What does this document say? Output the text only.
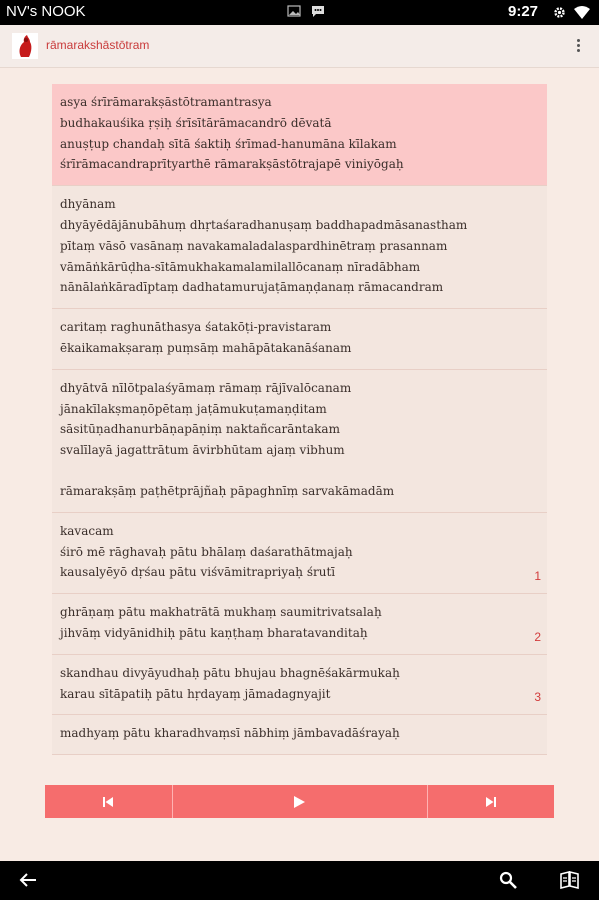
NV's NOOK	9:27
rāmarakshāstōtram
asya śrīrāmarakṣāstōtramantrasya
budhakauśika ṛṣiḥ śrīsītārāmacandrō dēvatā
anuṣṭup chandaḥ sītā śaktiḥ śrīmad-hanumāna kīlakam
śrīrāmacandraprītyarthē rāmarakṣāstōtrajapē viniyōgaḥ
dhyānam
dhyāyēdājānubāhuṃ dhṛtaśaradhanuṣaṃ baddhapadmāsanastham
pītaṃ vāsō vasānaṃ navakamaladalaspardhinētraṃ prasannam
vāmāṅkārūḍha-sītāmukhakamalamilallōcanaṃ nīradābham
nānālaṅkāradīptaṃ dadhatamurujaṭāmaṇḍanaṃ rāmacandram
caritaṃ raghunāthasya śatakōṭi-pravistaram
ēkaikamakṣaraṃ puṃsāṃ mahāpātakanāśanam
dhyātvā nīlōtpalaśyāmaṃ rāmaṃ rājīvalōcanam
jānakīlakṣmaṇōpētaṃ jaṭāmukuṭamaṇḍitam
sāsitūṇadhanurbāṇapāṇiṃ naktañcarāntakam
svalīlayā jagattrātum āvirbhūtam ajaṃ vibhum
rāmarakṣāṃ paṭhētprājñaḥ pāpaghnīṃ sarvakāmadām
kavacam
śirō mē rāghavaḥ pātu bhālaṃ daśarathātmajaḥ
kausalyēyō dṛśau pātu viśvāmitrapriyaḥ śrutī	1
ghrāṇaṃ pātu makhatrātā mukhaṃ saumitrivatsalaḥ
jihvāṃ vidyānidhiḥ pātu kaṇṭhaṃ bharatavanditaḥ	2
skandhau divyāyudhaḥ pātu bhujau bhagnēśakārmukaḥ
karau sītāpatiḥ pātu hṛdayaṃ jāmadagnyajit	3
madhyaṃ pātu kharadhvaṃsī nābhiṃ jāmbavadāśrayaḥ
